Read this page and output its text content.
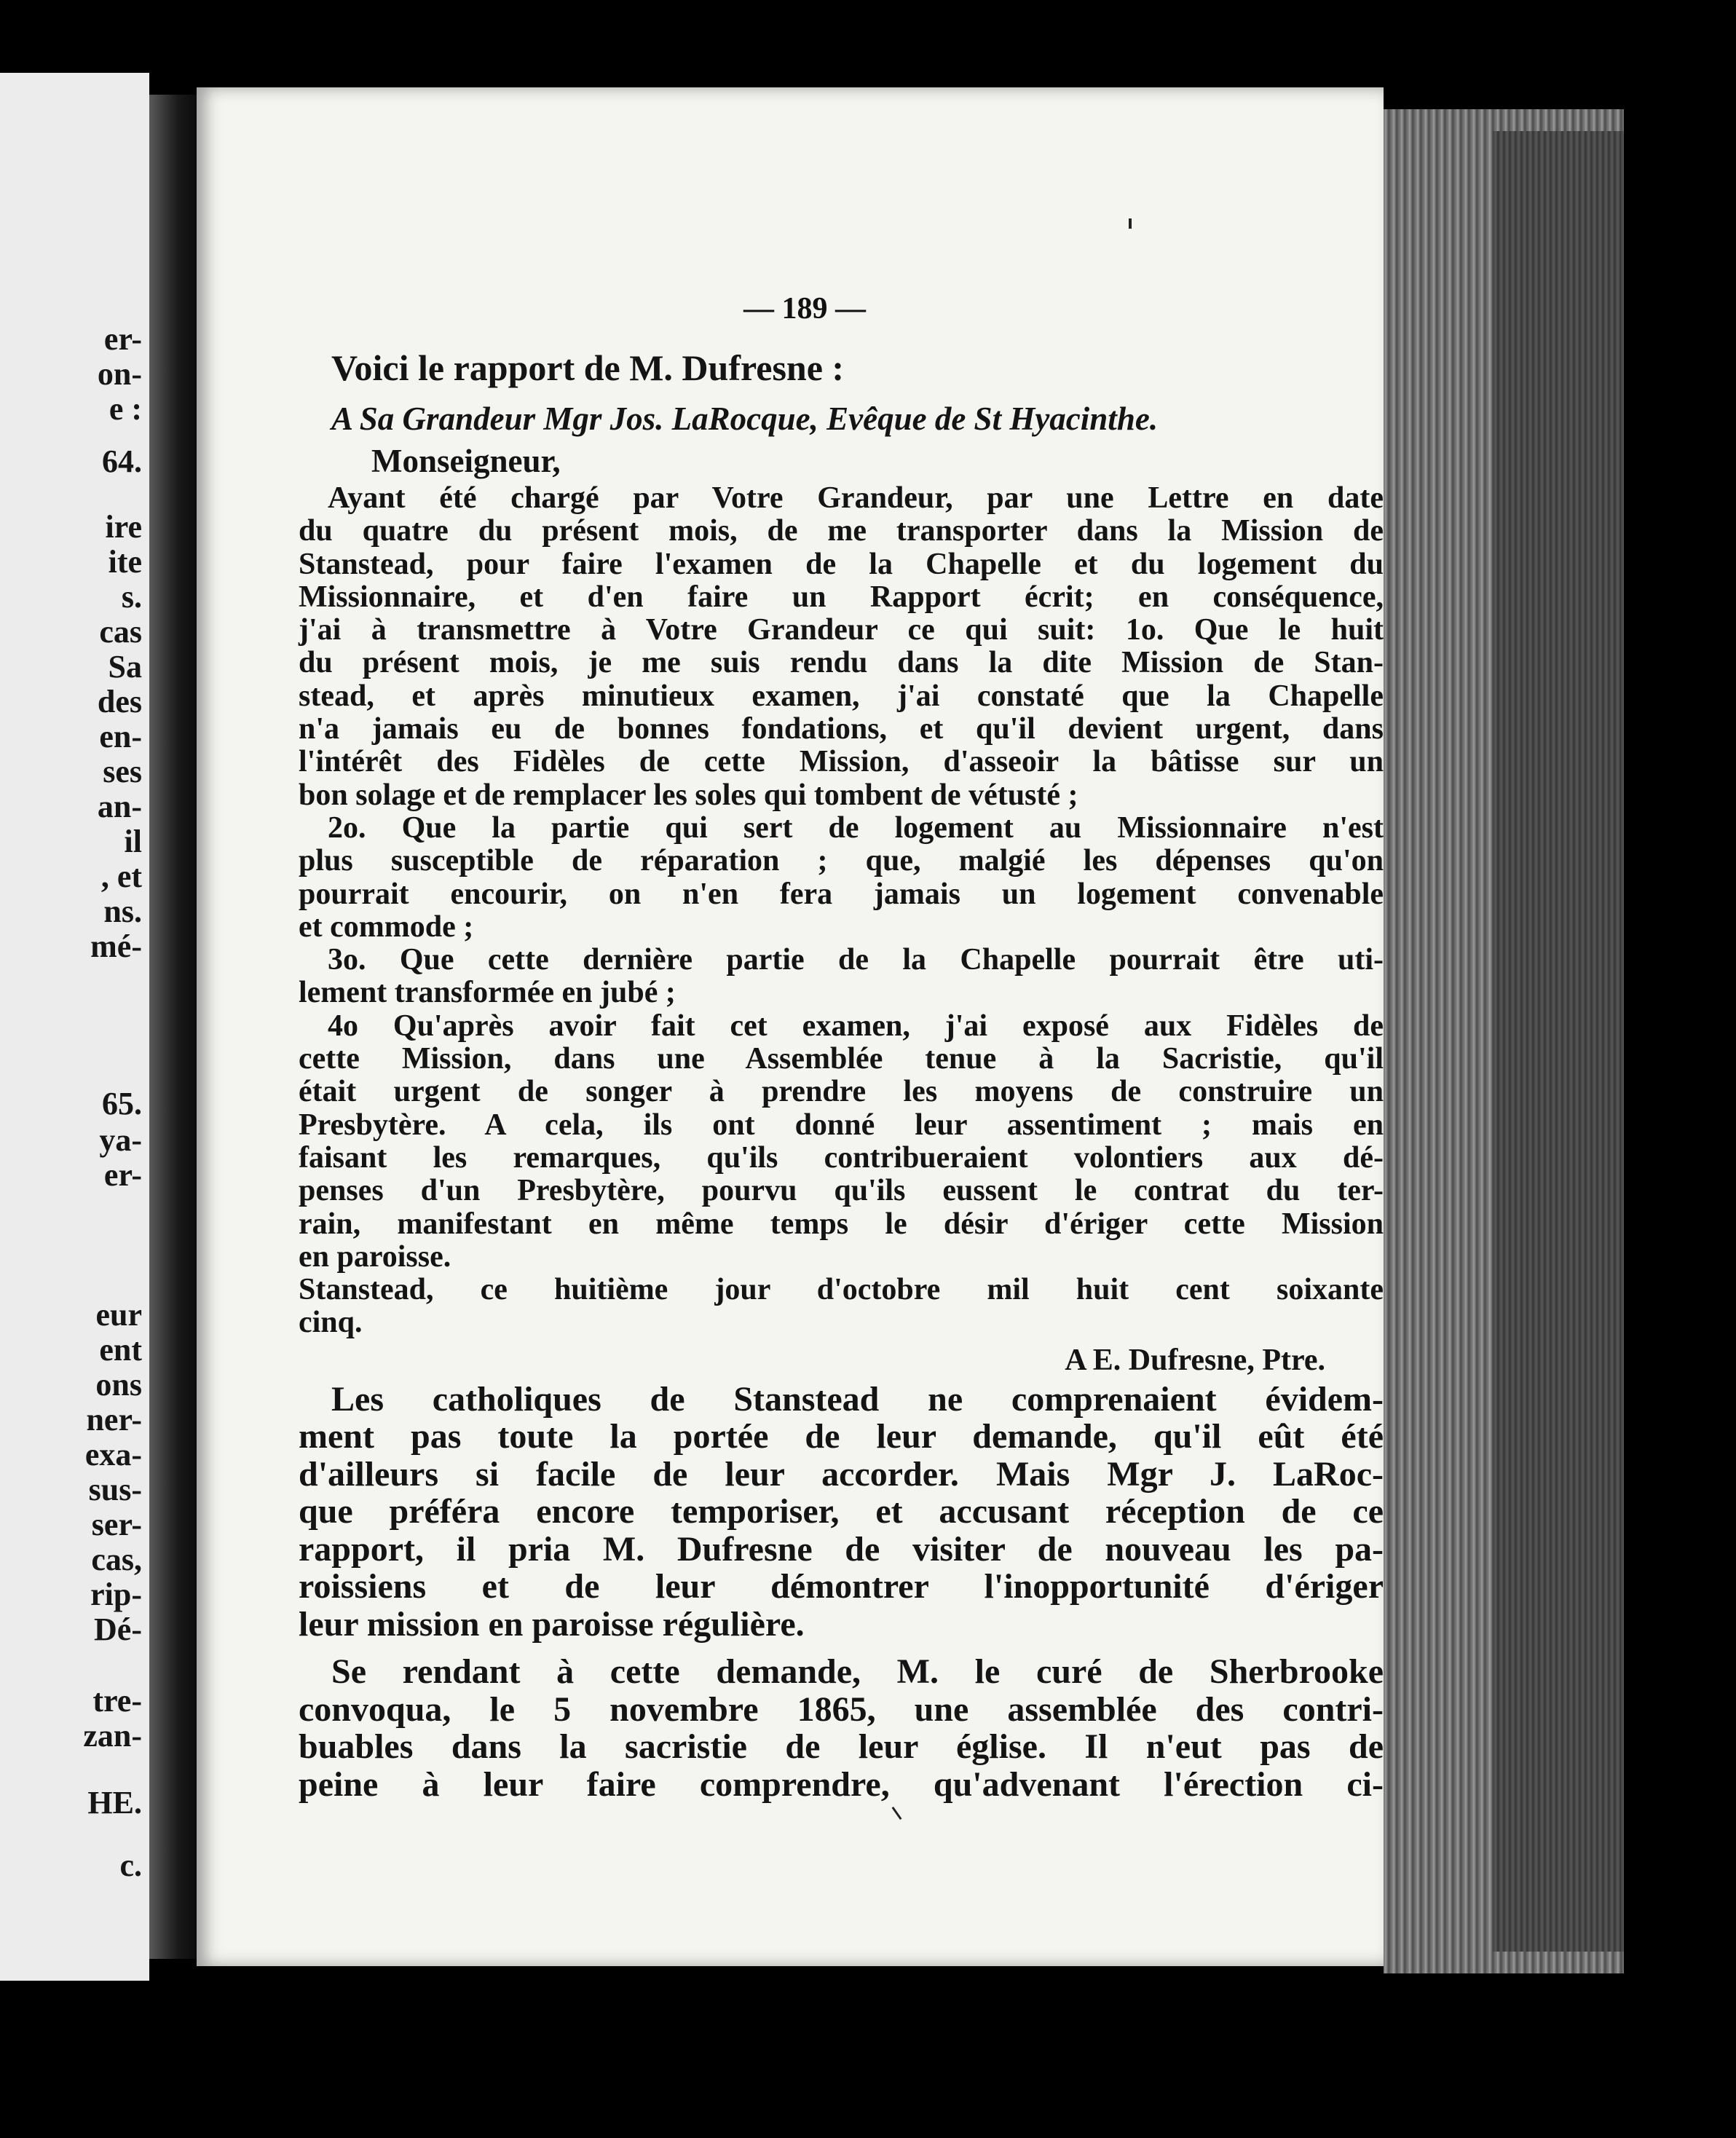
er-
on-
e :
64.
ire
ite
s.
cas
Sa
des
en-
ses
an-
il
, et
ns.
mé-
65.
ya-
er-
eur
ent
ons
ner-
exa-
sus-
ser-
cas,
rip-
Dé-
tre-
zan-
HE.
c.
— 189 —
Voici le rapport de M. Dufresne :
A Sa Grandeur Mgr Jos. LaRocque, Evêque de St Hyacinthe.
Monseigneur,
Ayant été chargé par Votre Grandeur, par une Lettre en date
du quatre du présent mois, de me transporter dans la Mission de
Stanstead, pour faire l'examen de la Chapelle et du logement du
Missionnaire, et d'en faire un Rapport écrit; en conséquence,
j'ai à transmettre à Votre Grandeur ce qui suit: 1o. Que le huit
du présent mois, je me suis rendu dans la dite Mission de Stan-
stead, et après minutieux examen, j'ai constaté que la Chapelle
n'a jamais eu de bonnes fondations, et qu'il devient urgent, dans
l'intérêt des Fidèles de cette Mission, d'asseoir la bâtisse sur un
bon solage et de remplacer les soles qui tombent de vétusté ;
2o. Que la partie qui sert de logement au Missionnaire n'est
plus susceptible de réparation ; que, malgié les dépenses qu'on
pourrait encourir, on n'en fera jamais un logement convenable
et commode ;
3o. Que cette dernière partie de la Chapelle pourrait être uti-
lement transformée en jubé ;
4o Qu'après avoir fait cet examen, j'ai exposé aux Fidèles de
cette Mission, dans une Assemblée tenue à la Sacristie, qu'il
était urgent de songer à prendre les moyens de construire un
Presbytère. A cela, ils ont donné leur assentiment ; mais en
faisant les remarques, qu'ils contribueraient volontiers aux dé-
penses d'un Presbytère, pourvu qu'ils eussent le contrat du ter-
rain, manifestant en même temps le désir d'ériger cette Mission
en paroisse.
Stanstead, ce huitième jour d'octobre mil huit cent soixante
cinq.
A E. Dufresne, Ptre.
Les catholiques de Stanstead ne comprenaient évidem-
ment pas toute la portée de leur demande, qu'il eût été
d'ailleurs si facile de leur accorder. Mais Mgr J. LaRoc-
que préféra encore temporiser, et accusant réception de ce
rapport, il pria M. Dufresne de visiter de nouveau les pa-
roissiens et de leur démontrer l'inopportunité d'ériger
leur mission en paroisse régulière.
Se rendant à cette demande, M. le curé de Sherbrooke
convoqua, le 5 novembre 1865, une assemblée des contri-
buables dans la sacristie de leur église. Il n'eut pas de
peine à leur faire comprendre, qu'advenant l'érection ci-
